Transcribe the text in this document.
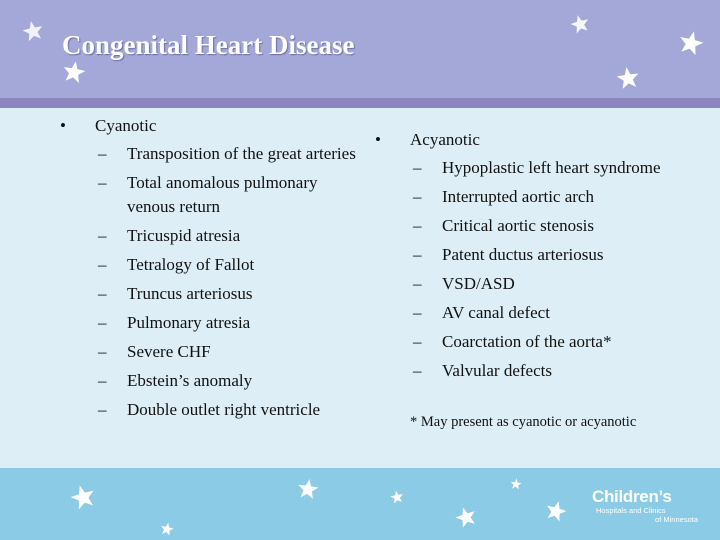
Congenital Heart Disease
• Cyanotic
– Transposition of the great arteries
– Total anomalous pulmonary venous return
– Tricuspid atresia
– Tetralogy of Fallot
– Truncus arteriosus
– Pulmonary atresia
– Severe CHF
– Ebstein’s anomaly
– Double outlet right ventricle
• Acyanotic
– Hypoplastic left heart syndrome
– Interrupted aortic arch
– Critical aortic stenosis
– Patent ductus arteriosus
– VSD/ASD
– AV canal defect
– Coarctation of the aorta*
– Valvular defects
* May present as cyanotic or acyanotic
Children’s
Hospitals and Clinics
of Minnesota
